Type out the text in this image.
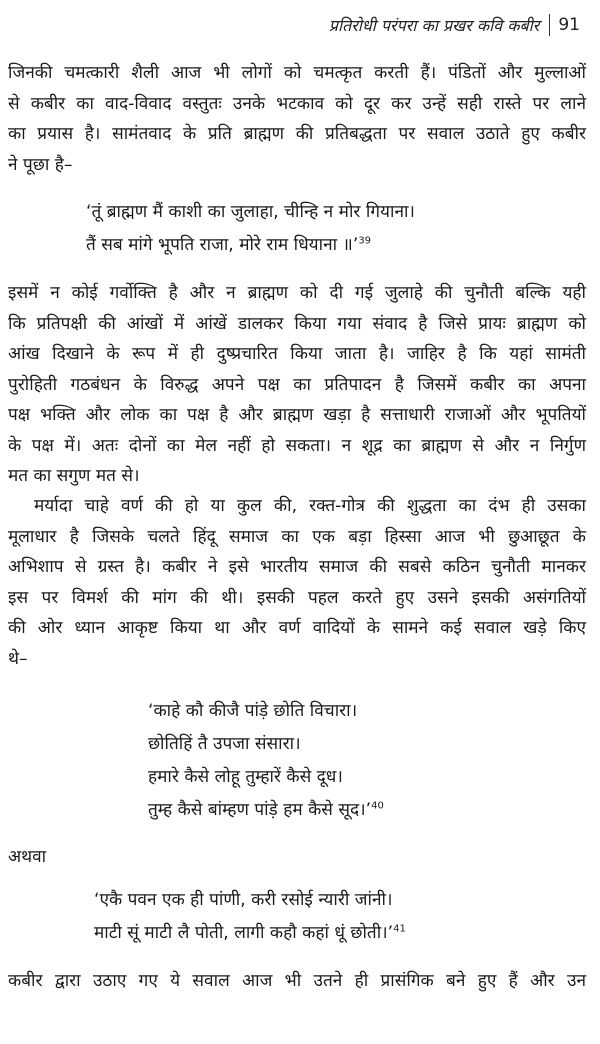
प्रतिरोधी परंपरा का प्रखर कवि कबीर 91

जिनकी चमत्कारी शैली आज भी लोगों को चमत्कृत करती हैं। पंडितों और मुल्लाओं
से कबीर का वाद-विवाद वस्तुतः उनके भटकाव को दूर कर उन्हें सही रास्ते पर लाने
का प्रयास है। सामंतवाद के प्रति ब्राह्मण की प्रतिबद्धता पर सवाल उठाते हुए कबीर
ने पूछा है–

‘तूं ब्राह्मण मैं काशी का जुलाहा, चीन्हि न मोर गियाना।
तैं सब मांगे भूपति राजा, मोरे राम धियाना ॥’$^{39}$

इसमें न कोई गर्वोक्ति है और न ब्राह्मण को दी गई जुलाहे की चुनौती बल्कि यही
कि प्रतिपक्षी की आंखों में आंखें डालकर किया गया संवाद है जिसे प्रायः ब्राह्मण को
आंख दिखाने के रूप में ही दुष्प्रचारित किया जाता है। जाहिर है कि यहां सामंती
पुरोहिती गठबंधन के विरुद्ध अपने पक्ष का प्रतिपादन है जिसमें कबीर का अपना
पक्ष भक्ति और लोक का पक्ष है और ब्राह्मण खड़ा है सत्ताधारी राजाओं और भूपतियों
के पक्ष में। अतः दोनों का मेल नहीं हो सकता। न शूद्र का ब्राह्मण से और न निर्गुण
मत का सगुण मत से।

मर्यादा चाहे वर्ण की हो या कुल की, रक्त-गोत्र की शुद्धता का दंभ ही उसका
मूलाधार है जिसके चलते हिंदू समाज का एक बड़ा हिस्सा आज भी छुआछूत के
अभिशाप से ग्रस्त है। कबीर ने इसे भारतीय समाज की सबसे कठिन चुनौती मानकर
इस पर विमर्श की मांग की थी। इसकी पहल करते हुए उसने इसकी असंगतियों
की ओर ध्यान आकृष्ट किया था और वर्ण वादियों के सामने कई सवाल खड़े किए
थे–

‘काहे कौ कीजै पांड़े छोति विचारा।
छोतिहिं तै उपजा संसारा।
हमारे कैसे लोहू तुम्हारें कैसे दूध।
तुम्ह कैसे बांम्हण पांड़े हम कैसे सूद।’$^{40}$

अथवा

‘एकै पवन एक ही पांणी, करी रसोई न्यारी जांनी।
माटी सूं माटी लै पोती, लागी कहौ कहां धूं छोती।’$^{41}$

कबीर द्वारा उठाए गए ये सवाल आज भी उतने ही प्रासंगिक बने हुए हैं और उन
